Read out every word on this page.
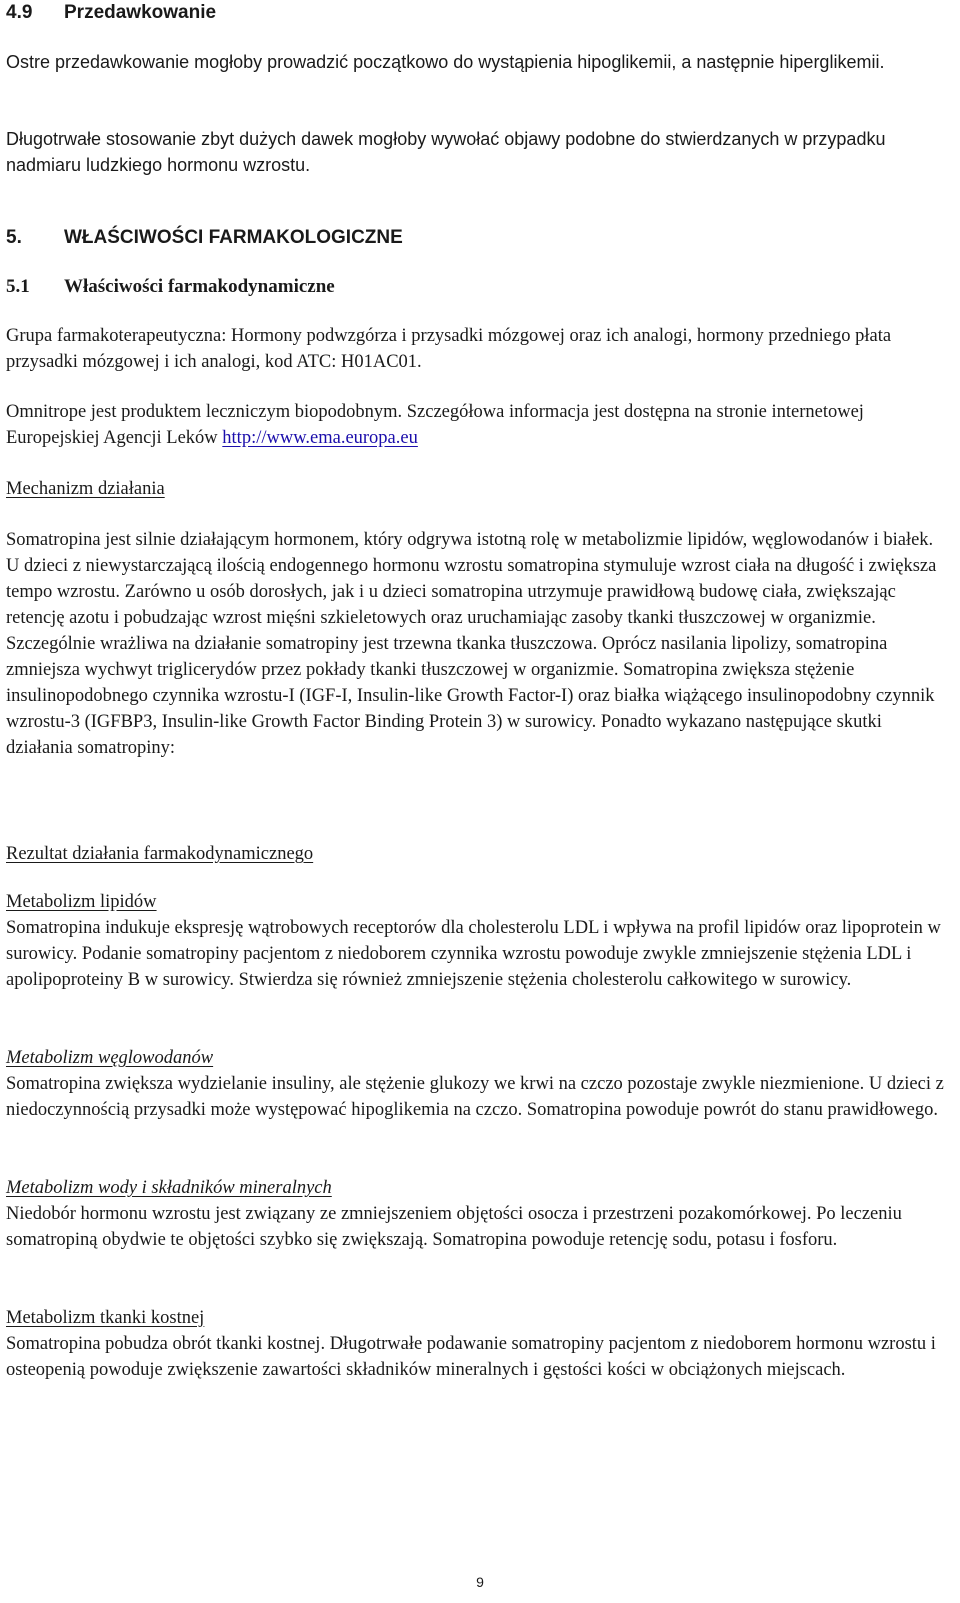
4.9 Przedawkowanie

Ostre przedawkowanie mogłoby prowadzić początkowo do wystąpienia hipoglikemii, a następnie hiperglikemii.

Długotrwałe stosowanie zbyt dużych dawek mogłoby wywołać objawy podobne do stwierdzanych w przypadku nadmiaru ludzkiego hormonu wzrostu.

5. WŁAŚCIWOŚCI FARMAKOLOGICZNE
5.1 Właściwości farmakodynamiczne

Grupa farmakoterapeutyczna: Hormony podwzgórza i przysadki mózgowej oraz ich analogi, hormony przedniego płata przysadki mózgowej i ich analogi, kod ATC: H01AC01.

Omnitrope jest produktem leczniczym biopodobnym. Szczegółowa informacja jest dostępna na stronie internetowej Europejskiej Agencji Leków http://www.ema.europa.eu

Mechanizm działania

Somatropina jest silnie działającym hormonem, który odgrywa istotną rolę w metabolizmie lipidów, węglowodanów i białek. U dzieci z niewystarczającą ilością endogennego hormonu wzrostu somatropina stymuluje wzrost ciała na długość i zwiększa tempo wzrostu. Zarówno u osób dorosłych, jak i u dzieci somatropina utrzymuje prawidłową budowę ciała, zwiększając retencję azotu i pobudzając wzrost mięśni szkieletowych oraz uruchamiając zasoby tkanki tłuszczowej w organizmie. Szczególnie wrażliwa na działanie somatropiny jest trzewna tkanka tłuszczowa. Oprócz nasilania lipolizy, somatropina zmniejsza wychwyt triglicerydów przez pokłady tkanki tłuszczowej w organizmie. Somatropina zwiększa stężenie insulinopodobnego czynnika wzrostu-I (IGF-I, Insulin-like Growth Factor-I) oraz białka wiążącego insulinopodobny czynnik wzrostu-3 (IGFBP3, Insulin-like Growth Factor Binding Protein 3) w surowicy. Ponadto wykazano następujące skutki działania somatropiny:

Rezultat działania farmakodynamicznego

Metabolizm lipidów

Somatropina indukuje ekspresję wątrobowych receptorów dla cholesterolu LDL i wpływa na profil lipidów oraz lipoprotein w surowicy. Podanie somatropiny pacjentom z niedoborem czynnika wzrostu powoduje zwykle zmniejszenie stężenia LDL i apolipoproteiny B w surowicy. Stwierdza się również zmniejszenie stężenia cholesterolu całkowitego w surowicy.

Metabolizm węglowodanów

Somatropina zwiększa wydzielanie insuliny, ale stężenie glukozy we krwi na czczo pozostaje zwykle niezmienione. U dzieci z niedoczynnością przysadki może występować hipoglikemia na czczo. Somatropina powoduje powrót do stanu prawidłowego.

Metabolizm wody i składników mineralnych

Niedobór hormonu wzrostu jest związany ze zmniejszeniem objętości osocza i przestrzeni pozakomórkowej. Po leczeniu somatropiną obydwie te objętości szybko się zwiększają. Somatropina powoduje retencję sodu, potasu i fosforu.

Metabolizm tkanki kostnej

Somatropina pobudza obrót tkanki kostnej. Długotrwałe podawanie somatropiny pacjentom z niedoborem hormonu wzrostu i osteopenią powoduje zwiększenie zawartości składników mineralnych i gęstości kości w obciążonych miejscach.

9
